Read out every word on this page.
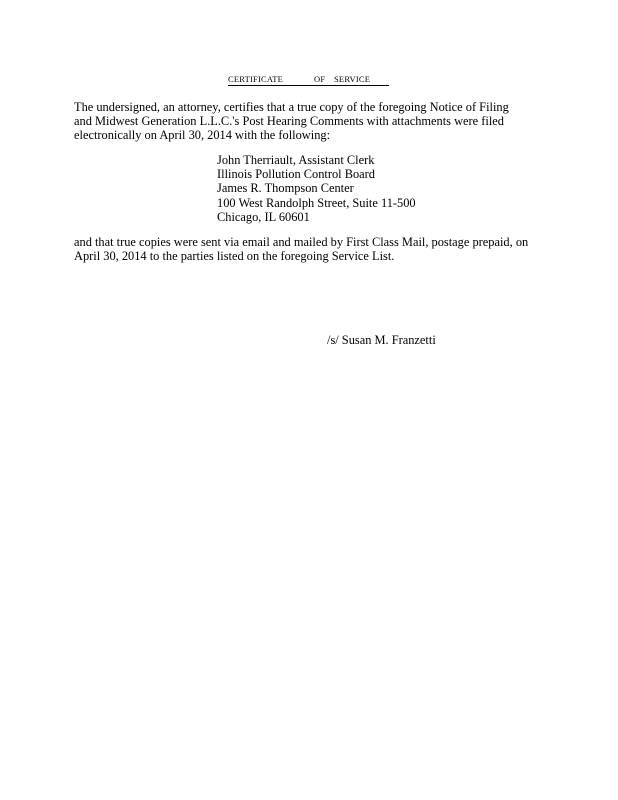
CERTIFICATE	OF SERVICE

The undersigned, an attorney, certifies that a true copy of the foregoing Notice of Filing
and Midwest Generation L.L.C.'s Post Hearing Comments with attachments were filed
electronically on April 30, 2014 with the following:

John Therriault, Assistant Clerk
Illinois Pollution Control Board
James R. Thompson Center
100 West Randolph Street, Suite 11-500
Chicago, IL 60601

and that true copies were sent via email and mailed by First Class Mail, postage prepaid, on
April 30, 2014 to the parties listed on the foregoing Service List.

/s/ Susan M. Franzetti
